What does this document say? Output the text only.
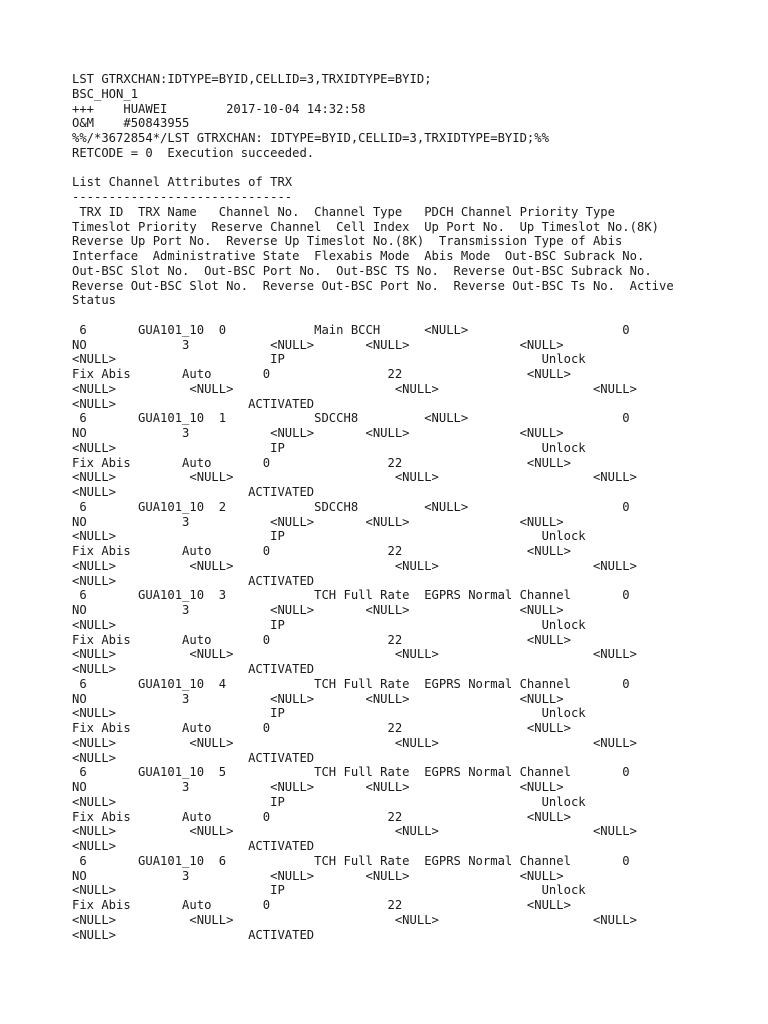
LST GTRXCHAN:IDTYPE=BYID,CELLID=3,TRXIDTYPE=BYID;
BSC_HON_1
+++    HUAWEI        2017-10-04 14:32:58
O&M    #50843955
%%/*3672854*/LST GTRXCHAN: IDTYPE=BYID,CELLID=3,TRXIDTYPE=BYID;%%
RETCODE = 0  Execution succeeded.
List Channel Attributes of TRX
------------------------------
TRX ID  TRX Name   Channel No.  Channel Type   PDCH Channel Priority Type
Timeslot Priority  Reserve Channel  Cell Index  Up Port No.  Up Timeslot No.(8K)
Reverse Up Port No.  Reverse Up Timeslot No.(8K)  Transmission Type of Abis
Interface  Administrative State  Flexabis Mode  Abis Mode  Out-BSC Subrack No.
Out-BSC Slot No.  Out-BSC Port No.  Out-BSC TS No.  Reverse Out-BSC Subrack No.
Reverse Out-BSC Slot No.  Reverse Out-BSC Port No.  Reverse Out-BSC Ts No.  Active
Status
6       GUA101_10  0            Main BCCH      <NULL>                     0
NO             3           <NULL>       <NULL>               <NULL>
<NULL>                     IP                                   Unlock
Fix Abis       Auto       0                22                 <NULL>
<NULL>          <NULL>                      <NULL>                     <NULL>
<NULL>                  ACTIVATED
6       GUA101_10  1            SDCCH8         <NULL>                     0
NO             3           <NULL>       <NULL>               <NULL>
<NULL>                     IP                                   Unlock
Fix Abis       Auto       0                22                 <NULL>
<NULL>          <NULL>                      <NULL>                     <NULL>
<NULL>                  ACTIVATED
6       GUA101_10  2            SDCCH8         <NULL>                     0
NO             3           <NULL>       <NULL>               <NULL>
<NULL>                     IP                                   Unlock
Fix Abis       Auto       0                22                 <NULL>
<NULL>          <NULL>                      <NULL>                     <NULL>
<NULL>                  ACTIVATED
6       GUA101_10  3            TCH Full Rate  EGPRS Normal Channel       0
NO             3           <NULL>       <NULL>               <NULL>
<NULL>                     IP                                   Unlock
Fix Abis       Auto       0                22                 <NULL>
<NULL>          <NULL>                      <NULL>                     <NULL>
<NULL>                  ACTIVATED
6       GUA101_10  4            TCH Full Rate  EGPRS Normal Channel       0
NO             3           <NULL>       <NULL>               <NULL>
<NULL>                     IP                                   Unlock
Fix Abis       Auto       0                22                 <NULL>
<NULL>          <NULL>                      <NULL>                     <NULL>
<NULL>                  ACTIVATED
6       GUA101_10  5            TCH Full Rate  EGPRS Normal Channel       0
NO             3           <NULL>       <NULL>               <NULL>
<NULL>                     IP                                   Unlock
Fix Abis       Auto       0                22                 <NULL>
<NULL>          <NULL>                      <NULL>                     <NULL>
<NULL>                  ACTIVATED
6       GUA101_10  6            TCH Full Rate  EGPRS Normal Channel       0
NO             3           <NULL>       <NULL>               <NULL>
<NULL>                     IP                                   Unlock
Fix Abis       Auto       0                22                 <NULL>
<NULL>          <NULL>                      <NULL>                     <NULL>
<NULL>                  ACTIVATED
